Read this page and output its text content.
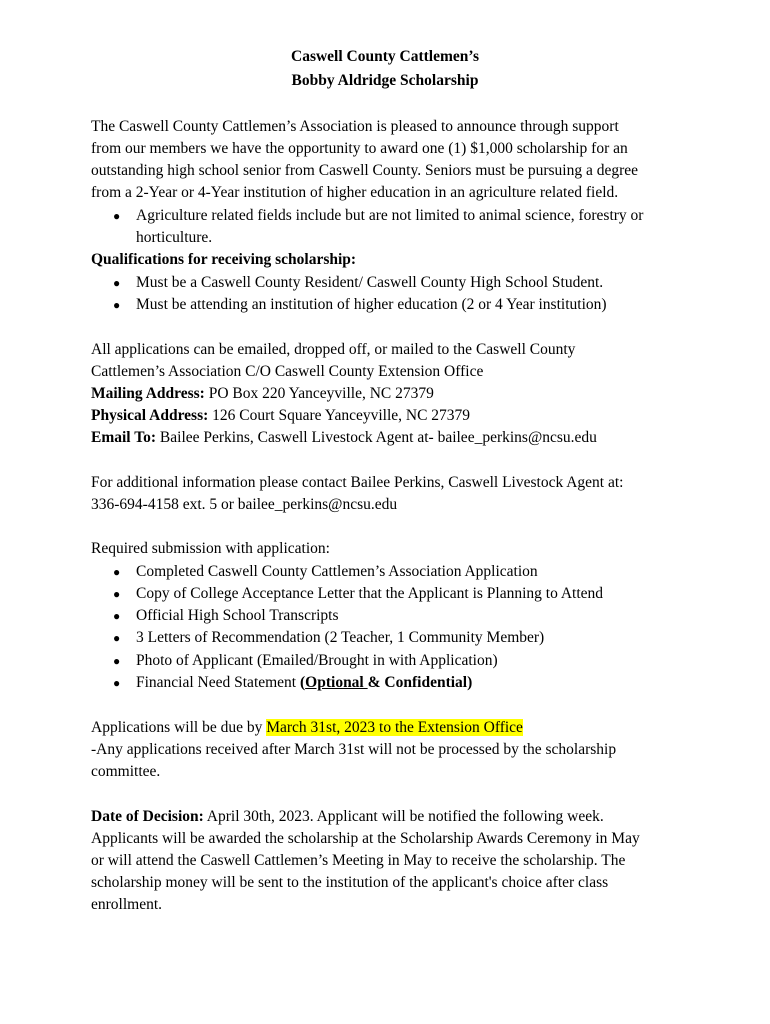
Caswell County Cattlemen’s
Bobby Aldridge Scholarship
The Caswell County Cattlemen’s Association is pleased to announce through support
from our members we have the opportunity to award one (1) $1,000 scholarship for an
outstanding high school senior from Caswell County. Seniors must be pursuing a degree
from a 2-Year or 4-Year institution of higher education in an agriculture related field.
● Agriculture related fields include but are not limited to animal science, forestry or
horticulture.
Qualifications for receiving scholarship:
● Must be a Caswell County Resident/ Caswell County High School Student.
● Must be attending an institution of higher education (2 or 4 Year institution)
All applications can be emailed, dropped off, or mailed to the Caswell County
Cattlemen’s Association C/O Caswell County Extension Office
Mailing Address: PO Box 220 Yanceyville, NC 27379
Physical Address: 126 Court Square Yanceyville, NC 27379
Email To: Bailee Perkins, Caswell Livestock Agent at- bailee_perkins@ncsu.edu
For additional information please contact Bailee Perkins, Caswell Livestock Agent at:
336-694-4158 ext. 5 or bailee_perkins@ncsu.edu
Required submission with application:
● Completed Caswell County Cattlemen’s Association Application
● Copy of College Acceptance Letter that the Applicant is Planning to Attend
● Official High School Transcripts
● 3 Letters of Recommendation (2 Teacher, 1 Community Member)
● Photo of Applicant (Emailed/Brought in with Application)
● Financial Need Statement (Optional & Confidential)
Applications will be due by March 31st, 2023 to the Extension Office
-Any applications received after March 31st will not be processed by the scholarship
committee.
Date of Decision: April 30th, 2023. Applicant will be notified the following week.
Applicants will be awarded the scholarship at the Scholarship Awards Ceremony in May
or will attend the Caswell Cattlemen’s Meeting in May to receive the scholarship. The
scholarship money will be sent to the institution of the applicant's choice after class
enrollment.
